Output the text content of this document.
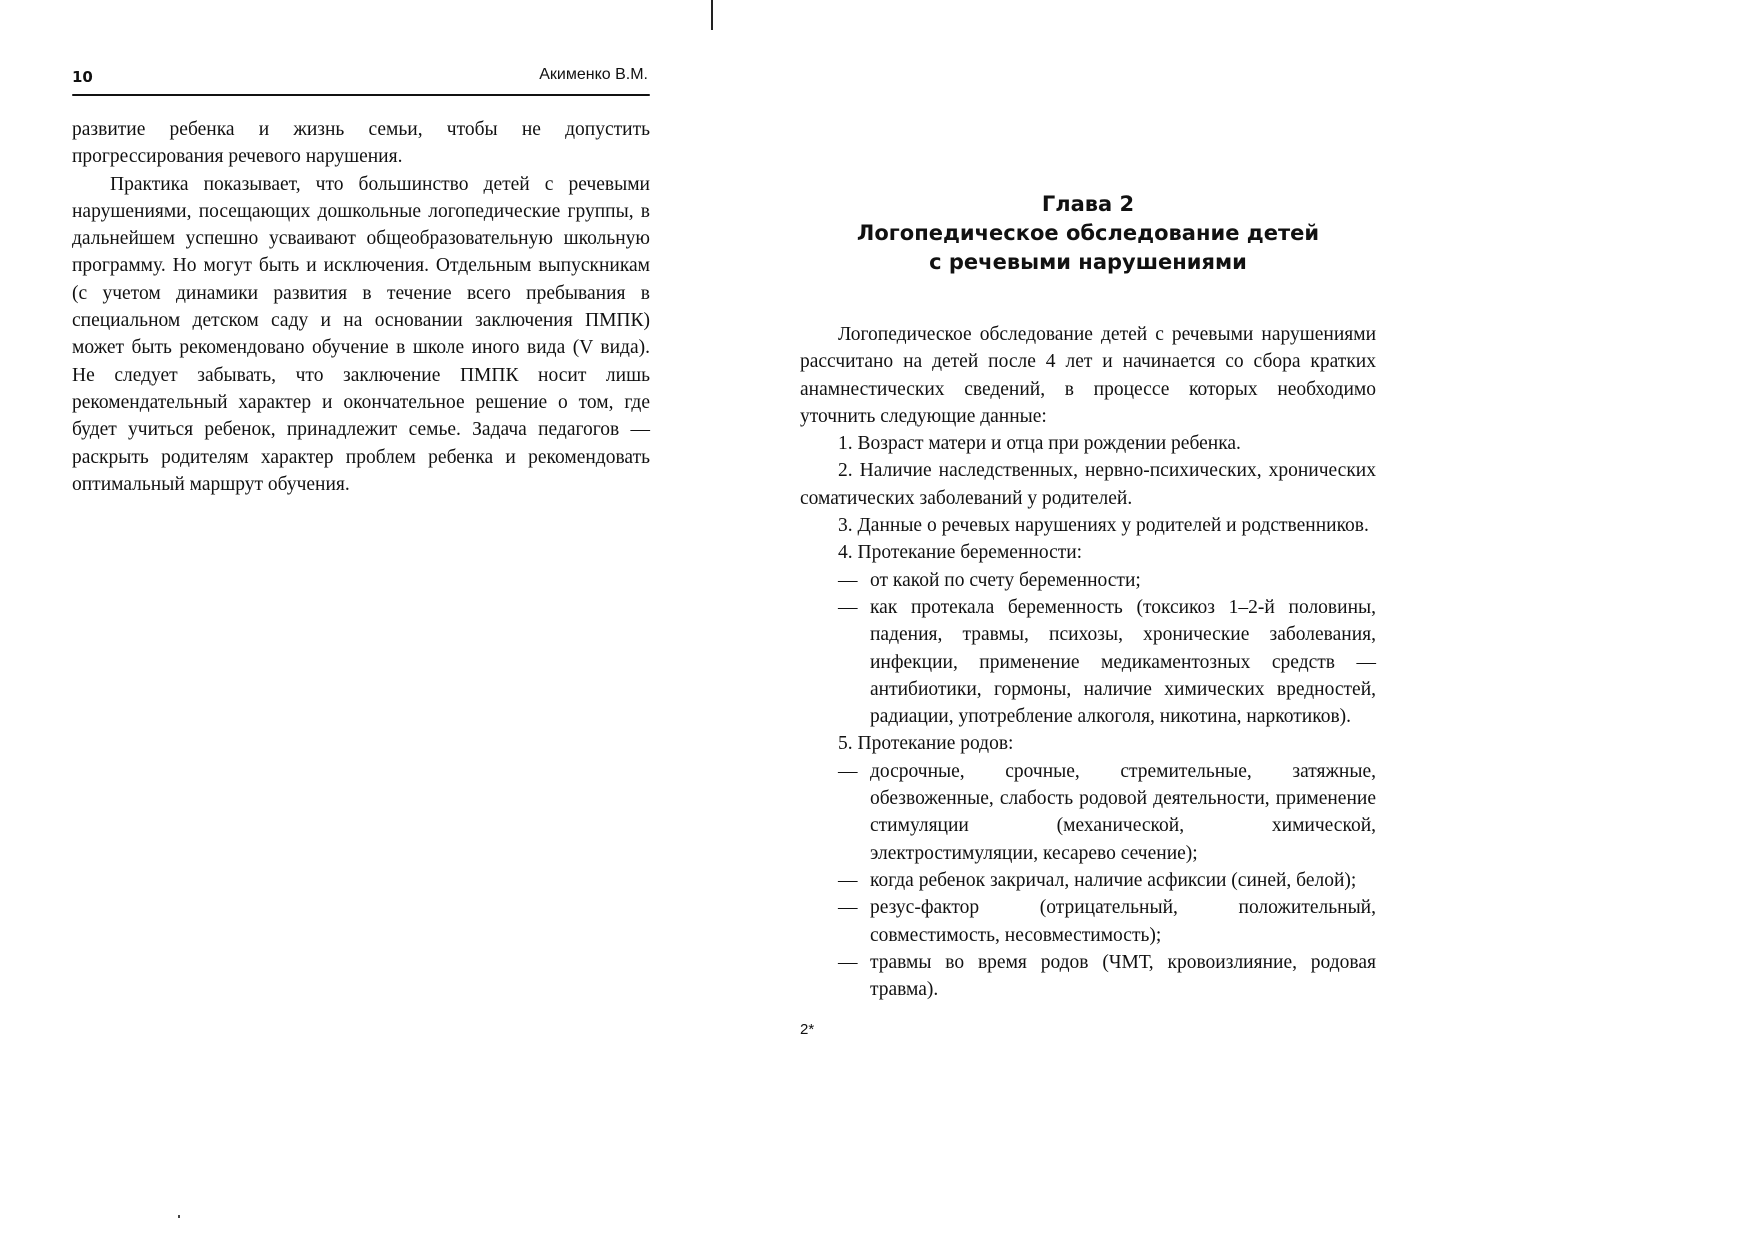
10	Акименко В.М.

развитие ребенка и жизнь семьи, чтобы не допустить прогрессирования речевого нарушения.

Практика показывает, что большинство детей с речевыми нарушениями, посещающих дошкольные логопедические группы, в дальнейшем успешно усваивают общеобразовательную школьную программу. Но могут быть и исключения. Отдельным выпускникам (с учетом динамики развития в течение всего пребывания в специальном детском саду и на основании заключения ПМПК) может быть рекомендовано обучение в школе иного вида (V вида). Не следует забывать, что заключение ПМПК носит лишь рекомендательный характер и окончательное решение о том, где будет учиться ребенок, принадлежит семье. Задача педагогов — раскрыть родителям характер проблем ребенка и рекомендовать оптимальный маршрут обучения.

Глава 2
Логопедическое обследование детей
с речевыми нарушениями

Логопедическое обследование детей с речевыми нарушениями рассчитано на детей после 4 лет и начинается со сбора кратких анамнестических сведений, в процессе которых необходимо уточнить следующие данные:

1. Возраст матери и отца при рождении ребенка.

2. Наличие наследственных, нервно-психических, хронических соматических заболеваний у родителей.

3. Данные о речевых нарушениях у родителей и родственников.

4. Протекание беременности:

— от какой по счету беременности;
— как протекала беременность (токсикоз 1–2-й половины, падения, травмы, психозы, хронические заболевания, инфекции, применение медикаментозных средств — антибиотики, гормоны, наличие химических вредностей, радиации, употребление алкоголя, никотина, наркотиков).

5. Протекание родов:

— досрочные, срочные, стремительные, затяжные, обезвоженные, слабость родовой деятельности, применение стимуляции (механической, химической, электростимуляции, кесарево сечение);
— когда ребенок закричал, наличие асфиксии (синей, белой);
— резус-фактор (отрицательный, положительный, совместимость, несовместимость);
— травмы во время родов (ЧМТ, кровоизлияние, родовая травма).
2*
